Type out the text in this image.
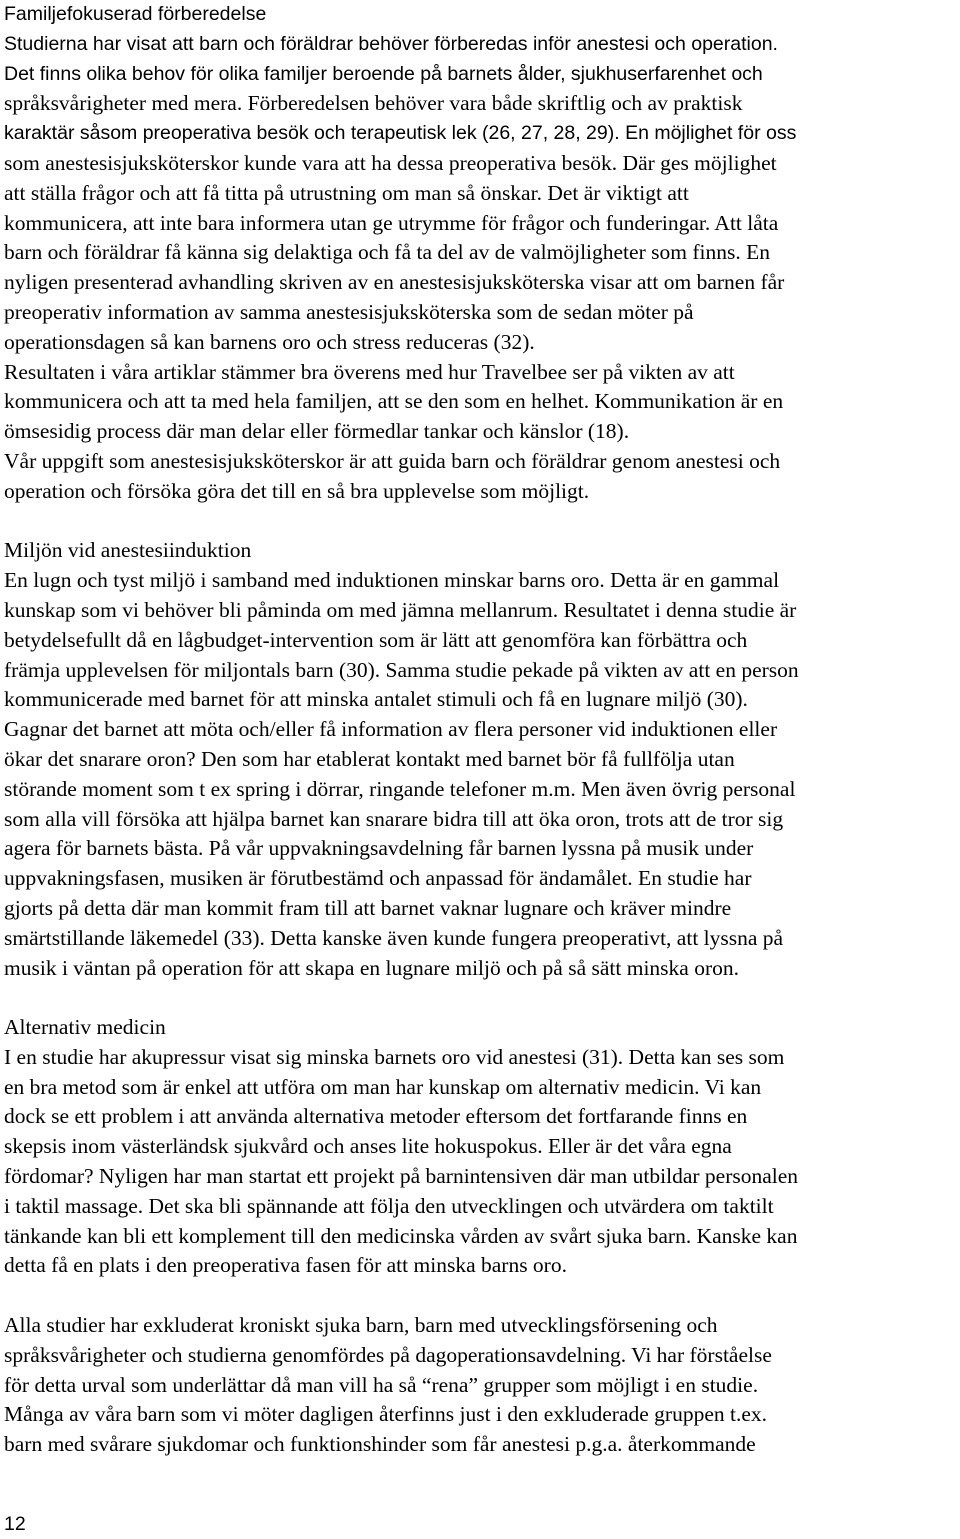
Familjefokuserad förberedelse
Studierna har visat att barn och föräldrar behöver förberedas inför anestesi och operation.
Det finns olika behov för olika familjer beroende på barnets ålder, sjukhuserfarenhet och
språksvårigheter med mera. Förberedelsen behöver vara både skriftlig och av praktisk
karaktär såsom preoperativa besök och terapeutisk lek (26, 27, 28, 29). En möjlighet för oss
som anestesisjuksköterskor kunde vara att ha dessa preoperativa besök. Där ges möjlighet
att ställa frågor och att få titta på utrustning om man så önskar. Det är viktigt att
kommunicera, att inte bara informera utan ge utrymme för frågor och funderingar. Att låta
barn och föräldrar få känna sig delaktiga och få ta del av de valmöjligheter som finns. En
nyligen presenterad avhandling skriven av en anestesisjuksköterska visar att om barnen får
preoperativ information av samma anestesisjuksköterska som de sedan möter på
operationsdagen så kan barnens oro och stress reduceras (32).
Resultaten i våra artiklar stämmer bra överens med hur Travelbee ser på vikten av att
kommunicera och att ta med hela familjen, att se den som en helhet. Kommunikation är en
ömsesidig process där man delar eller förmedlar tankar och känslor (18).
Vår uppgift som anestesisjuksköterskor är att guida barn och föräldrar genom anestesi och
operation och försöka göra det till en så bra upplevelse som möjligt.
Miljön vid anestesiinduktion
En lugn och tyst miljö i samband med induktionen minskar barns oro. Detta är en gammal
kunskap som vi behöver bli påminda om med jämna mellanrum. Resultatet i denna studie är
betydelsefullt då en lågbudget-intervention som är lätt att genomföra kan förbättra och
främja upplevelsen för miljontals barn (30). Samma studie pekade på vikten av att en person
kommunicerade med barnet för att minska antalet stimuli och få en lugnare miljö (30).
Gagnar det barnet att möta och/eller få information av flera personer vid induktionen eller
ökar det snarare oron? Den som har etablerat kontakt med barnet bör få fullfölja utan
störande moment som t ex spring i dörrar, ringande telefoner m.m. Men även övrig personal
som alla vill försöka att hjälpa barnet kan snarare bidra till att öka oron, trots att de tror sig
agera för barnets bästa. På vår uppvakningsavdelning får barnen lyssna på musik under
uppvakningsfasen, musiken är förutbestämd och anpassad för ändamålet. En studie har
gjorts på detta där man kommit fram till att barnet vaknar lugnare och kräver mindre
smärtstillande läkemedel (33). Detta kanske även kunde fungera preoperativt, att lyssna på
musik i väntan på operation för att skapa en lugnare miljö och på så sätt minska oron.
Alternativ medicin
I en studie har akupressur visat sig minska barnets oro vid anestesi (31). Detta kan ses som
en bra metod som är enkel att utföra om man har kunskap om alternativ medicin. Vi kan
dock se ett problem i att använda alternativa metoder eftersom det fortfarande finns en
skepsis inom västerländsk sjukvård och anses lite hokuspokus. Eller är det våra egna
fördomar? Nyligen har man startat ett projekt på barnintensiven där man utbildar personalen
i taktil massage. Det ska bli spännande att följa den utvecklingen och utvärdera om taktilt
tänkande kan bli ett komplement till den medicinska vården av svårt sjuka barn. Kanske kan
detta få en plats i den preoperativa fasen för att minska barns oro.
Alla studier har exkluderat kroniskt sjuka barn, barn med utvecklingsförsening och
språksvårigheter och studierna genomfördes på dagoperationsavdelning. Vi har förståelse
för detta urval som underlättar då man vill ha så “rena” grupper som möjligt i en studie.
Många av våra barn som vi möter dagligen återfinns just i den exkluderade gruppen t.ex.
barn med svårare sjukdomar och funktionshinder som får anestesi p.g.a. återkommande
12
